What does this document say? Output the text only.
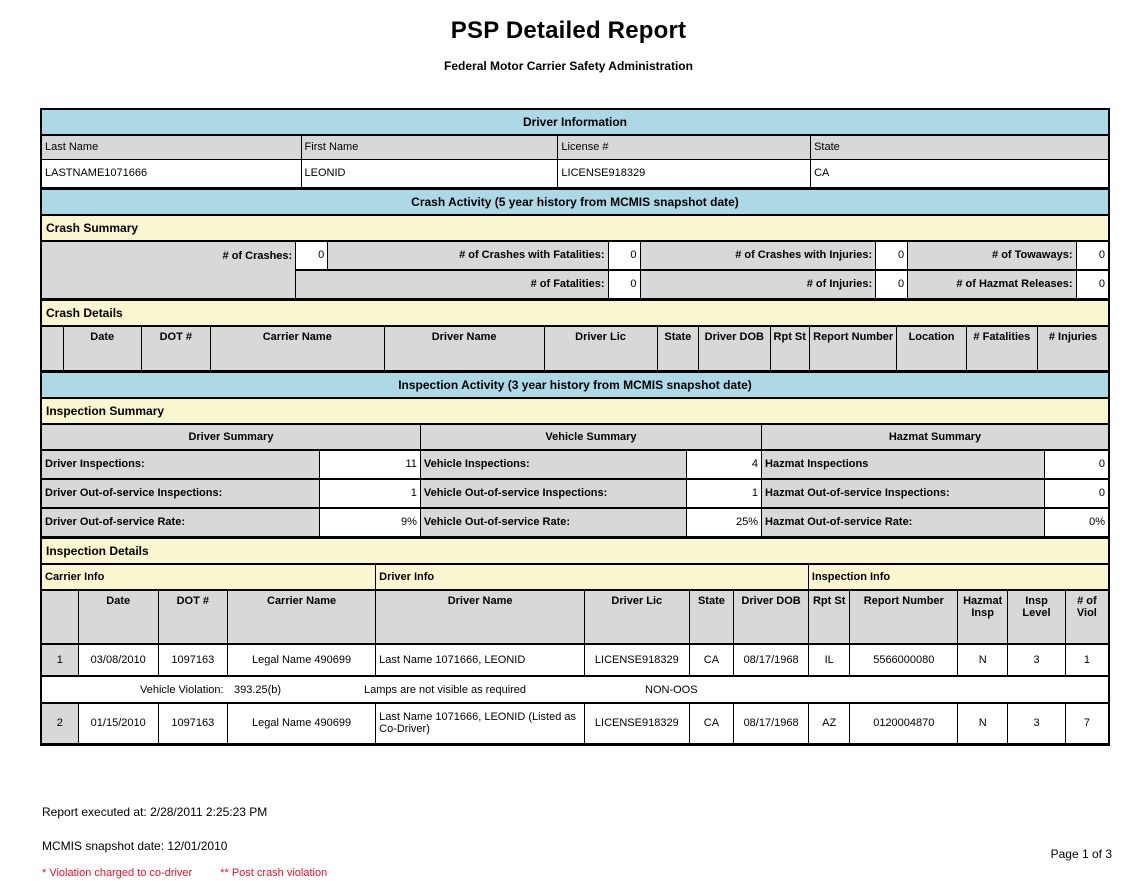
PSP Detailed Report
Federal Motor Carrier Safety Administration
Driver Information
Last Name	First Name	License #	State
LASTNAME1071666	LEONID	LICENSE918329	CA
Crash Activity (5 year history from MCMIS snapshot date)
Crash Summary
# of Crashes:	0	# of Crashes with Fatalities:	0	# of Crashes with Injuries:	0	# of Towaways:	0
	# of Fatalities:		0	# of Injuries:	0	# of Hazmat Releases:	0
Crash Details
	Date	DOT #	Carrier Name	Driver Name	Driver Lic	State	Driver DOB	Rpt St	Report Number	Location	# Fatalities	# Injuries
Inspection Activity (3 year history from MCMIS snapshot date)
Inspection Summary
Driver Summary		Vehicle Summary		Hazmat Summary	
Driver Inspections:	11	Vehicle Inspections:	4	Hazmat Inspections	0
Driver Out-of-service Inspections:	1	Vehicle Out-of-service Inspections:	1	Hazmat Out-of-service Inspections:	0
Driver Out-of-service Rate:	9%	Vehicle Out-of-service Rate:	25%	Hazmat Out-of-service Rate:	0%
Inspection Details
Carrier Info				Driver Info				Inspection Info				
	Date	DOT #	Carrier Name	Driver Name	Driver Lic	State	Driver DOB	Rpt St	Report Number	Hazmat Insp	Insp Level	# of Viol
1	03/08/2010	1097163	Legal Name 490699	Last Name 1071666, LEONID	LICENSE918329	CA	08/17/1968	IL	5566000080	N	3	1

Vehicle Violation: 393.25(b) Lamps are not visible as required NON-OOS												

2	01/15/2010	1097163	Legal Name 490699	Last Name 1071666, LEONID (Listed as Co-Driver)	LICENSE918329	CA	08/17/1968	AZ	0120004870	N	3	7
Report executed at: 2/28/2011 2:25:23 PM
MCMIS snapshot date: 12/01/2010
* Violation charged to co-driver	** Post crash violation
Page 1 of 3
